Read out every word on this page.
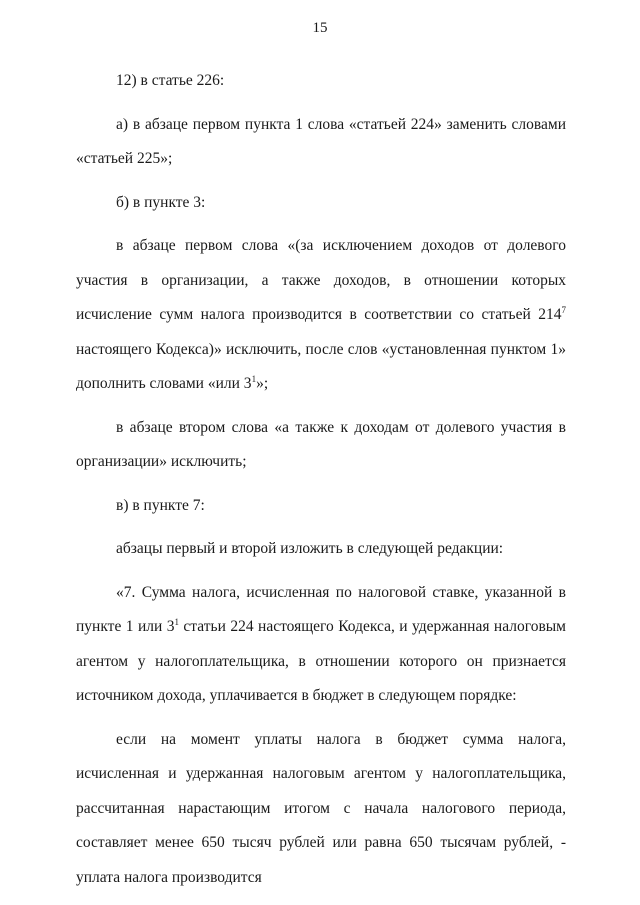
15

12) в статье 226:

а) в абзаце первом пункта 1 слова «статьей 224» заменить словами «статьей 225»;

б) в пункте 3:

в абзаце первом слова «(за исключением доходов от долевого участия в организации, а также доходов, в отношении которых исчисление сумм налога производится в соответствии со статьей $214^7$ настоящего Кодекса)» исключить, после слов «установленная пунктом 1» дополнить словами «или $3^1$»;

в абзаце втором слова «а также к доходам от долевого участия в организации» исключить;

в) в пункте 7:

абзацы первый и второй изложить в следующей редакции:

«7. Сумма налога, исчисленная по налоговой ставке, указанной в пункте 1 или $3^1$ статьи 224 настоящего Кодекса, и удержанная налоговым агентом у налогоплательщика, в отношении которого он признается источником дохода, уплачивается в бюджет в следующем порядке:

если на момент уплаты налога в бюджет сумма налога, исчисленная и удержанная налоговым агентом у налогоплательщика, рассчитанная нарастающим итогом с начала налогового периода, составляет менее 650 тысяч рублей или равна 650 тысячам рублей, - уплата налога производится
